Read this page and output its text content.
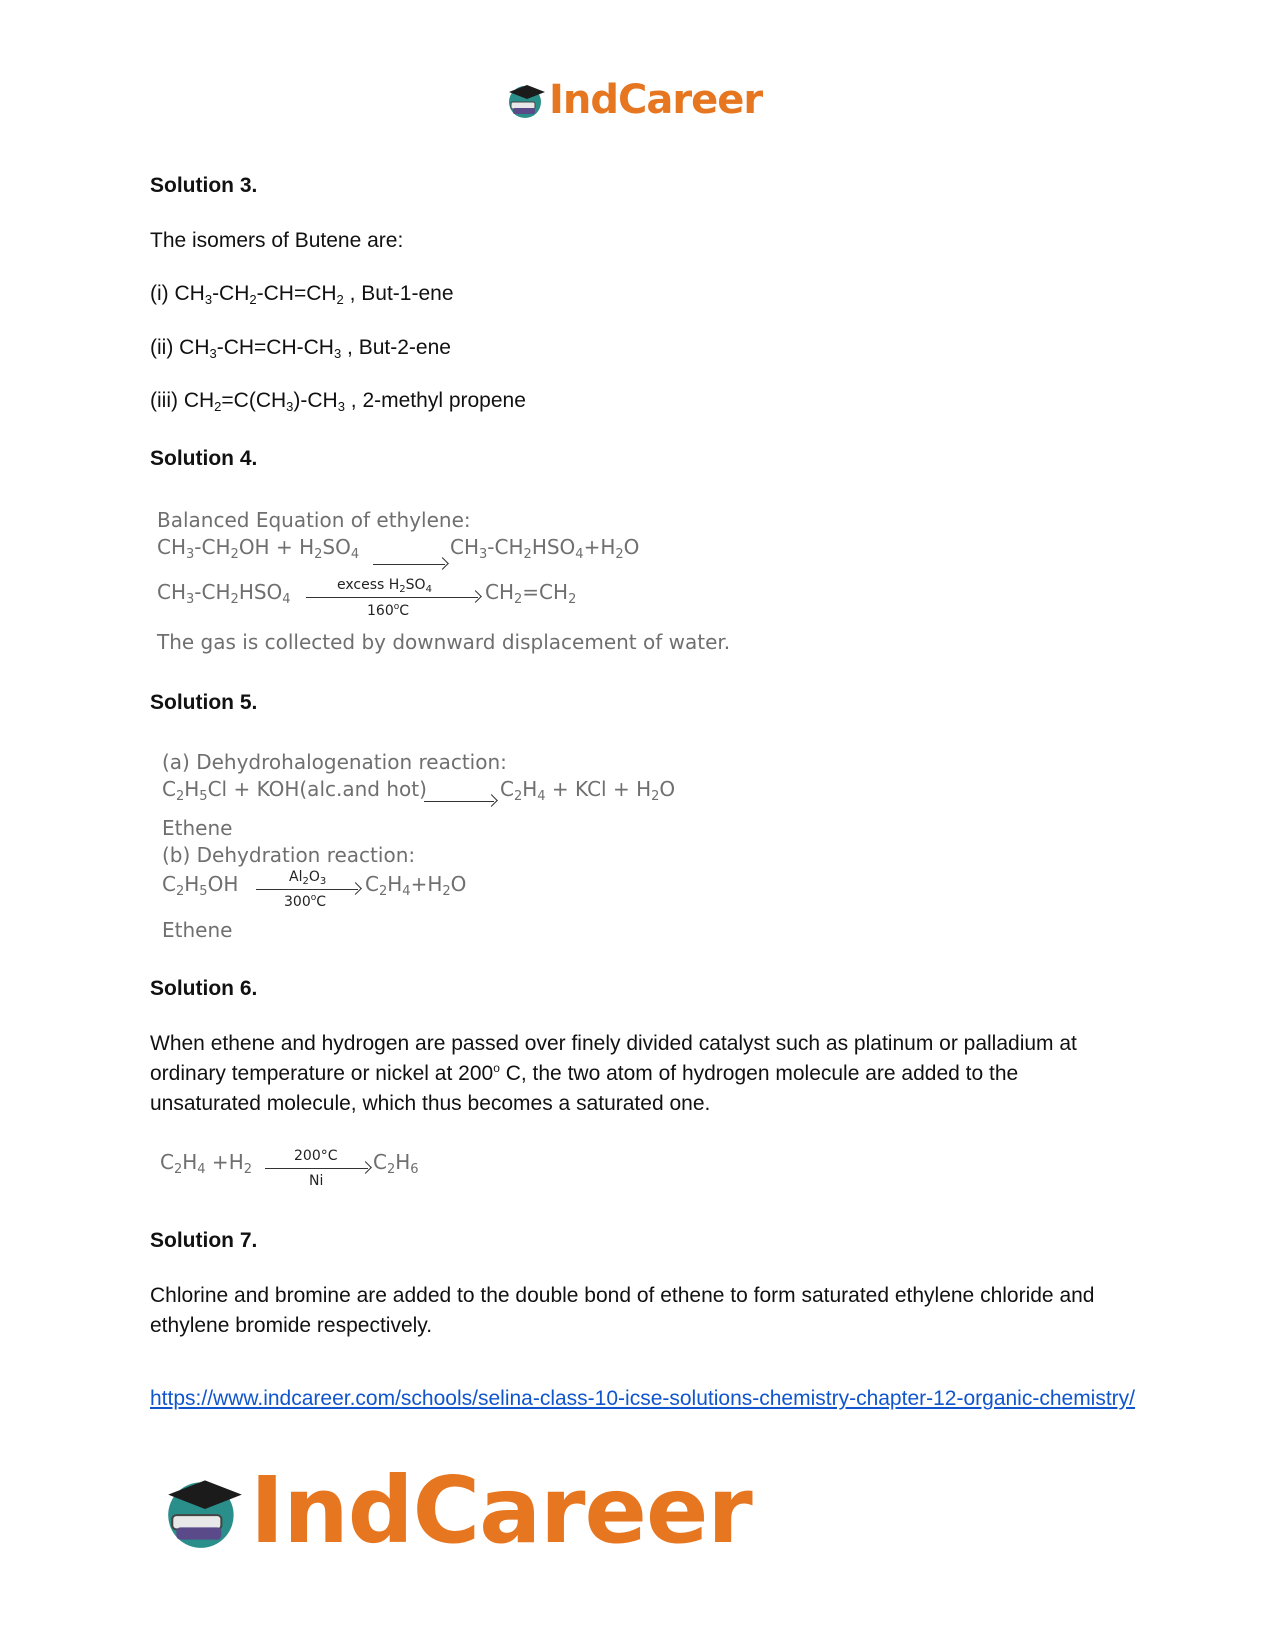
IndCareer
Solution 3.
The isomers of Butene are:
(i) $CH_3-CH_2-CH=CH_2$ , But-1-ene
(ii) $CH_3-CH=CH-CH_3$ , But-2-ene
(iii) $CH_2=C(CH_3)-CH_3$ , 2-methyl propene
Solution 4.
Balanced Equation of ethylene:
$CH_3-CH_2OH + H_2SO_4$	$CH_3-CH_2HSO_4+H_2O$
$CH_3-CH_2HSO_4$
excess $H_2SO_4$
160$^o$C
$CH_2=CH_2$
The gas is collected by downward displacement of water.
Solution 5.
(a) Dehydrohalogenation reaction:
$C_2H_5Cl + KOH(alc.and$ hot)	$C_2H_4$ + KCl + $H_2O$
Ethene
(b) Dehydration reaction:
$C_2H_5OH$	$Al_2O_3$
300$^o$C
$C_2H_4+H_2O$
Ethene
Solution 6.
When ethene and hydrogen are passed over finely divided catalyst such as platinum or palladium at ordinary temperature or nickel at 200$^o$ C, the two atom of hydrogen molecule are added to the unsaturated molecule, which thus becomes a saturated one.
$C_2H_4 +H_2$
200°C
Ni
$C_2H_6$
Solution 7.
Chlorine and bromine are added to the double bond of ethene to form saturated ethylene chloride and ethylene bromide respectively.
https://www.indcareer.com/schools/selina-class-10-icse-solutions-chemistry-chapter-12-organic-chemistry/
IndCareer
